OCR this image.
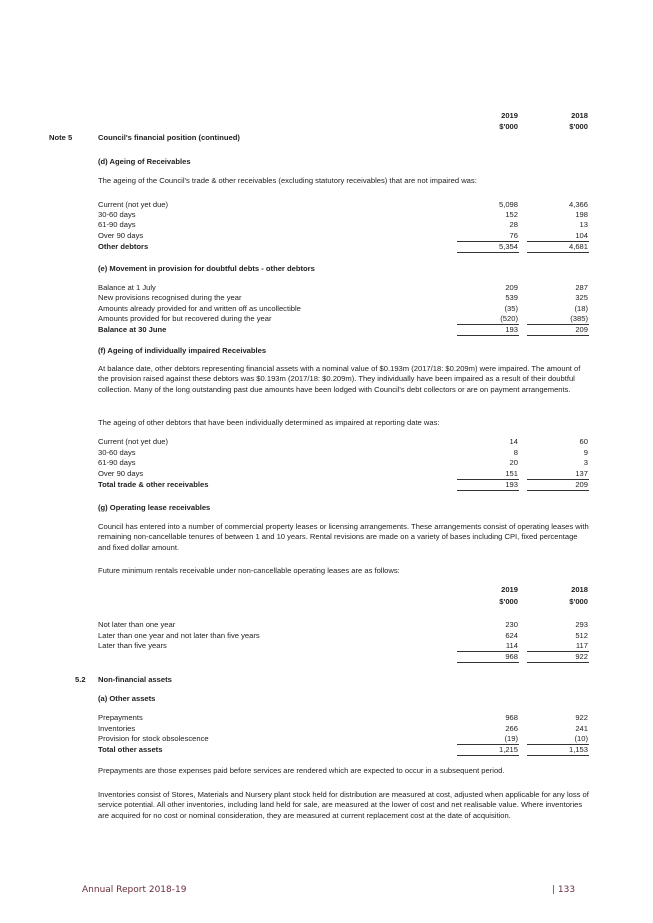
2019	2018
$'000	$'000
Note 5	Council's financial position (continued)
(d) Ageing of Receivables
The ageing of the Council's trade & other receivables (excluding statutory receivables) that are not impaired was:
Current (not yet due)	5,098	4,366
30-60 days	152	198
61-90 days	28	13
Over 90 days	76	104
Other debtors	5,354	4,681
(e) Movement in provision for doubtful debts - other debtors
Balance at 1 July	209	287
New provisions recognised during the year	539	325
Amounts already provided for and written off as uncollectible	(35)	(18)
Amounts provided for but recovered during the year	(520)	(385)
Balance at 30 June	193	209
(f) Ageing of individually impaired Receivables
At balance date, other debtors representing financial assets with a nominal value of $0.193m (2017/18: $0.209m) were impaired. The amount of the provision raised against these debtors was $0.193m (2017/18: $0.209m). They individually have been impaired as a result of their doubtful collection. Many of the long outstanding past due amounts have been lodged with Council's debt collectors or are on payment arrangements.
The ageing of other debtors that have been individually determined as impaired at reporting date was:
Current (not yet due)	14	60
30-60 days	8	9
61-90 days	20	3
Over 90 days	151	137
Total trade & other receivables	193	209
(g) Operating lease receivables
Council has entered into a number of commercial property leases or licensing arrangements. These arrangements consist of operating leases with remaining non-cancellable tenures of between 1 and 10 years. Rental revisions are made on a variety of bases including CPI, fixed percentage and fixed dollar amount.
Future minimum rentals receivable under non-cancellable operating leases are as follows:
2019	2018
$'000	$'000
Not later than one year	230	293
Later than one year and not later than five years	624	512
Later than five years	114	117
968	922
5.2 Non-financial assets
(a) Other assets
Prepayments	968	922
Inventories	266	241
Provision for stock obsolescence	(19)	(10)
Total other assets	1,215	1,153
Prepayments are those expenses paid before services are rendered which are expected to occur in a subsequent period.
Inventories consist of Stores, Materials and Nursery plant stock held for distribution are measured at cost, adjusted when applicable for any loss of service potential. All other inventories, including land held for sale, are measured at the lower of cost and net realisable value. Where inventories are acquired for no cost or nominal consideration, they are measured at current replacement cost at the date of acquisition.
Annual Report 2018-19	| 133
